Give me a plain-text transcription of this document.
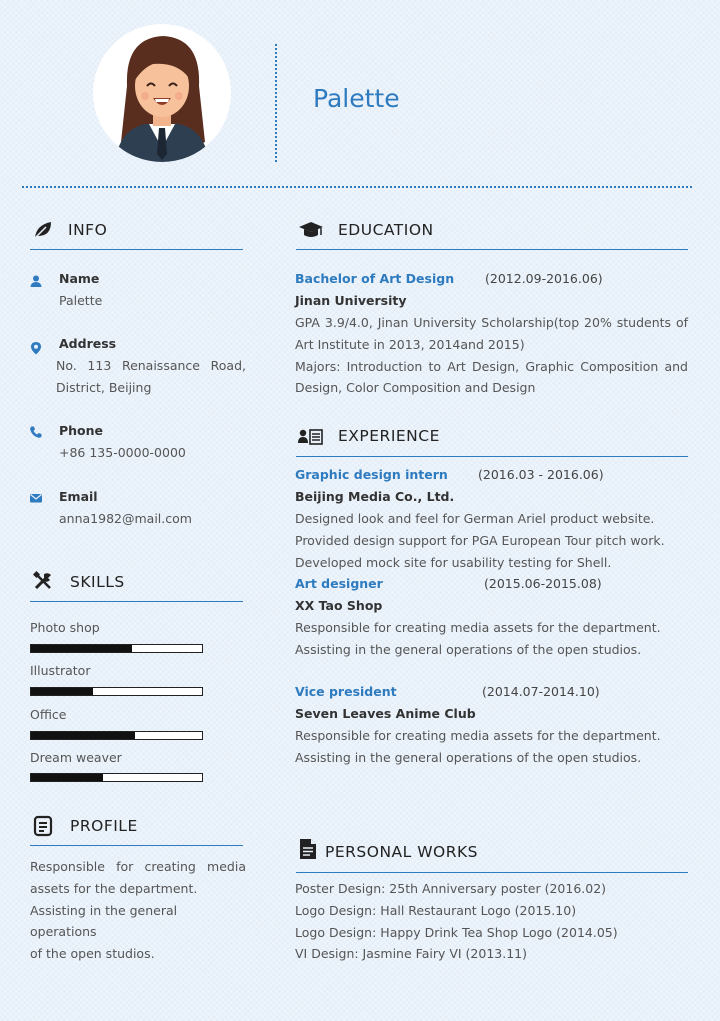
Palette
INFO
Name
Palette
Address
No.  113  Renaissance  Road,
District, Beijing
Phone
+86 135-0000-0000
Email
anna1982@mail.com
SKILLS
Photo shop
Illustrator
Office
Dream weaver
PROFILE
Responsible  for  creating  media
assets for the department.
Assisting in the general operations
of the open studios.
EDUCATION
Bachelor of Art Design (2012.09-2016.06)
Jinan University
GPA 3.9/4.0, Jinan University Scholarship(top 20% students of
Art Institute in 2013, 2014and 2015)
Majors: Introduction to Art Design, Graphic Composition and
Design, Color Composition and Design
EXPERIENCE
Graphic design intern (2016.03 - 2016.06)
Beijing Media Co., Ltd.
Designed look and feel for German Ariel product website.
Provided design support for PGA European Tour pitch work.
Developed mock site for usability testing for Shell.
Art designer	(2015.06-2015.08)
XX Tao Shop
Responsible for creating media assets for the department.
Assisting in the general operations of the open studios.
Vice president	(2014.07-2014.10)
Seven Leaves Anime Club
Responsible for creating media assets for the department.
Assisting in the general operations of the open studios.
PERSONAL WORKS
Poster Design: 25th Anniversary poster (2016.02)
Logo Design: Hall Restaurant Logo (2015.10)
Logo Design: Happy Drink Tea Shop Logo (2014.05)
VI Design: Jasmine Fairy VI (2013.11)
